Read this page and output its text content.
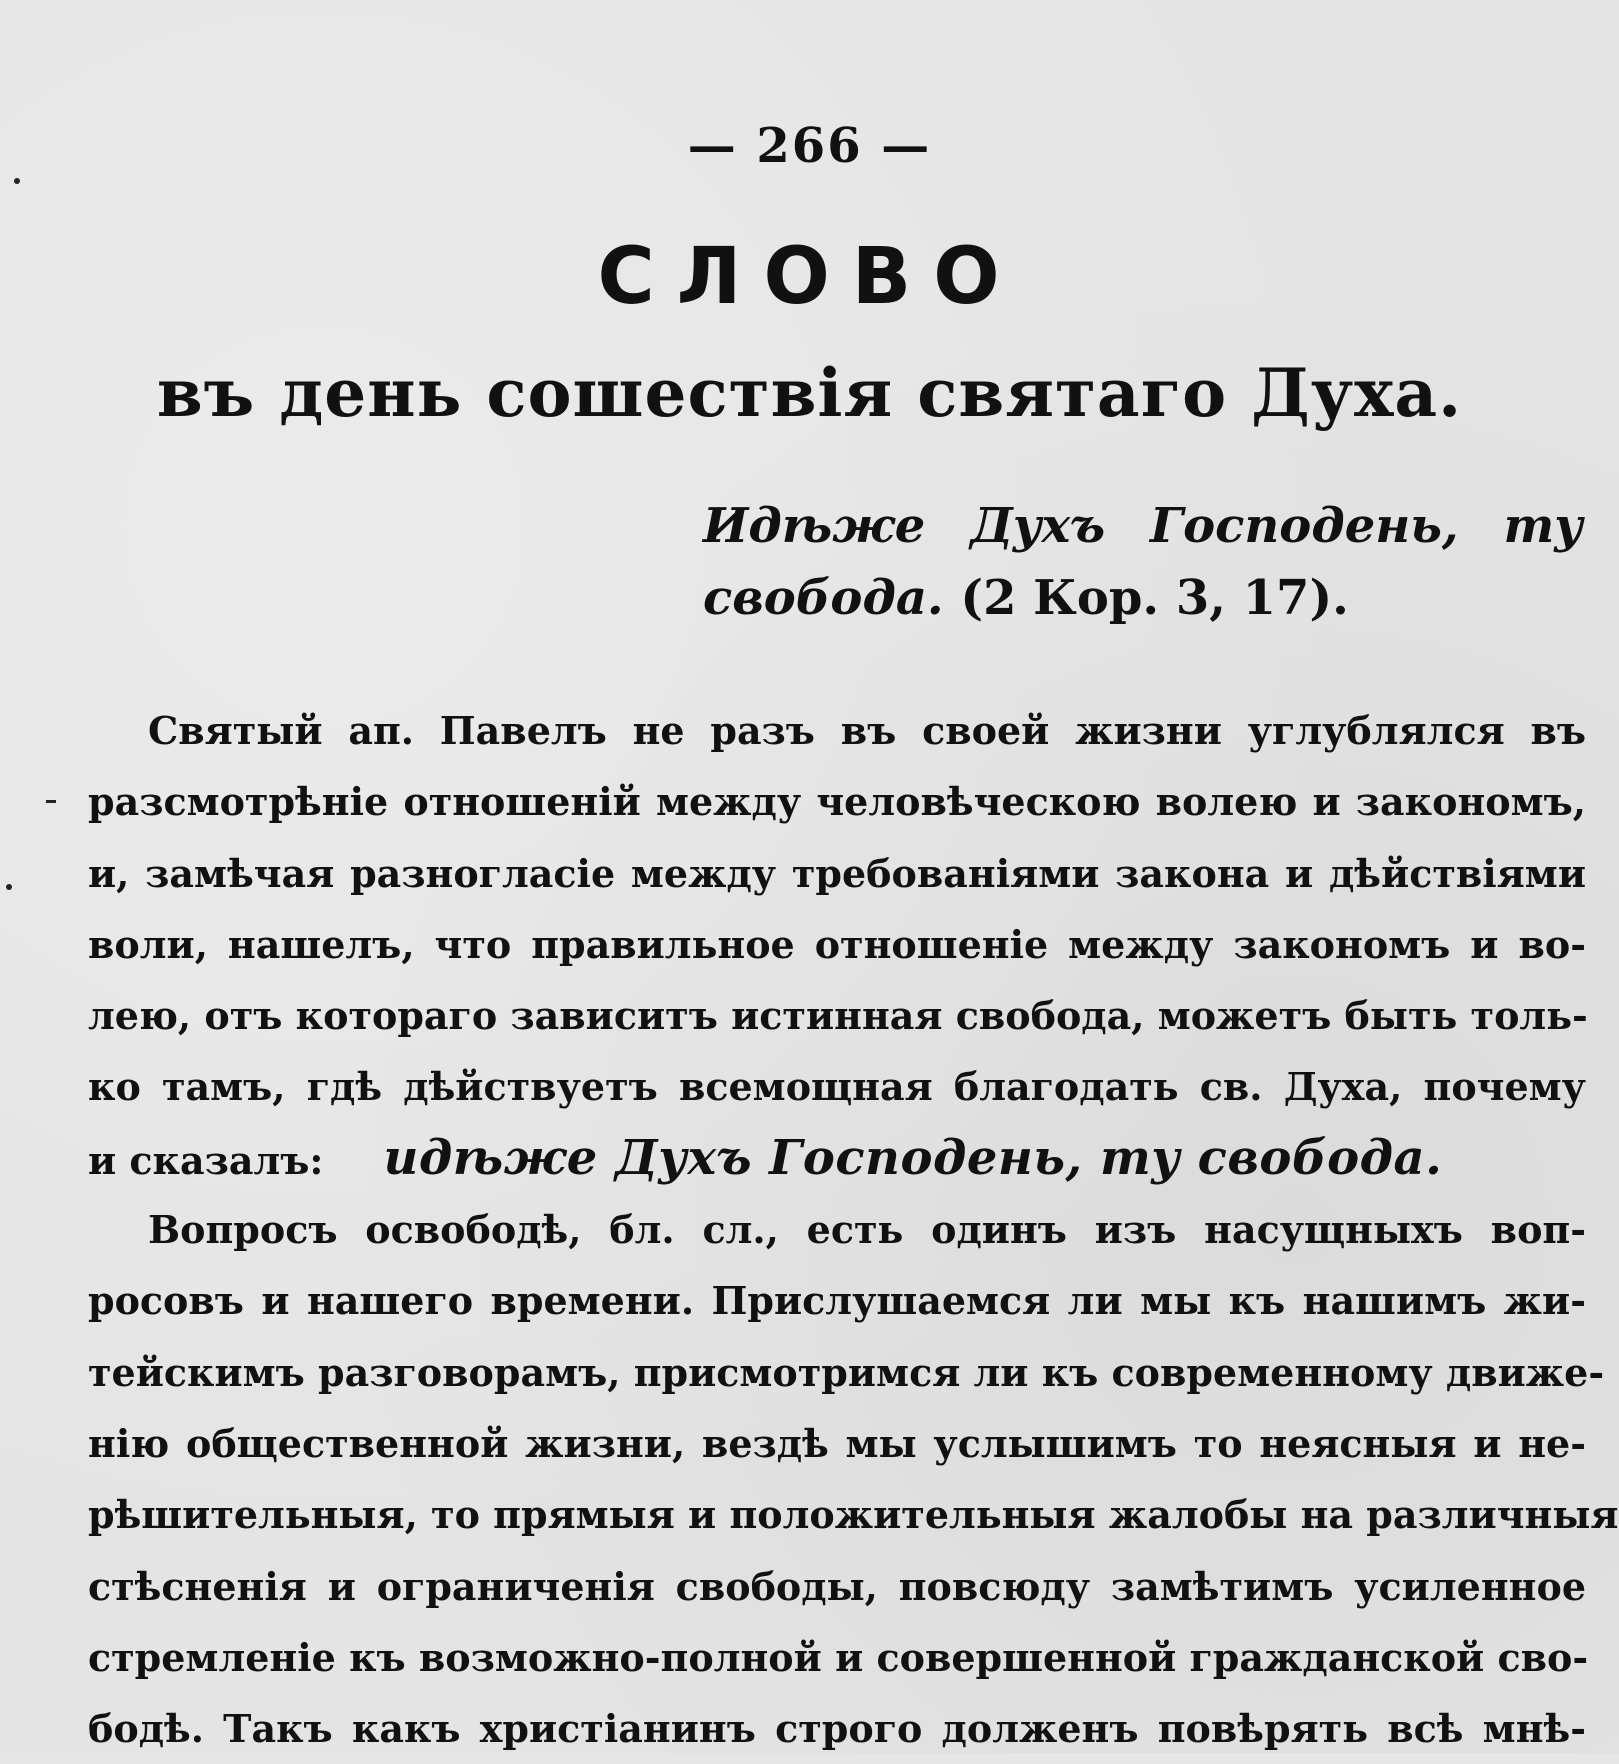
— 266 —
СЛОВО
въ день сошествія святаго Духа.
Идѣже Духъ Господень, ту
свобода. (2 Кор. 3, 17).
Святый ап. Павелъ не разъ въ своей жизни углублялся въ
разсмотрѣніе отношеній между человѣческою волею и закономъ,
и, замѣчая разногласіе между требованіями закона и дѣйствіями
воли, нашелъ, что правильное отношеніе между закономъ и во-
лею, отъ котораго зависитъ истинная свобода, можетъ быть толь-
ко тамъ, гдѣ дѣйствуетъ всемощная благодать св. Духа, почему
и сказалъ: идѣже Духъ Господень, ту свобода.
Вопросъ освободѣ, бл. сл., есть одинъ изъ насущныхъ воп-
росовъ и нашего времени. Прислушаемся ли мы къ нашимъ жи-
тейскимъ разговорамъ, присмотримся ли къ современному движе-
нію общественной жизни, вездѣ мы услышимъ то неясныя и не-
рѣшительныя, то прямыя и положительныя жалобы на различныя
стѣсненія и ограниченія свободы, повсюду замѣтимъ усиленное
стремленіе къ возможно-полной и совершенной гражданской сво-
бодѣ. Такъ какъ христіанинъ строго долженъ повѣрять всѣ мнѣ-
